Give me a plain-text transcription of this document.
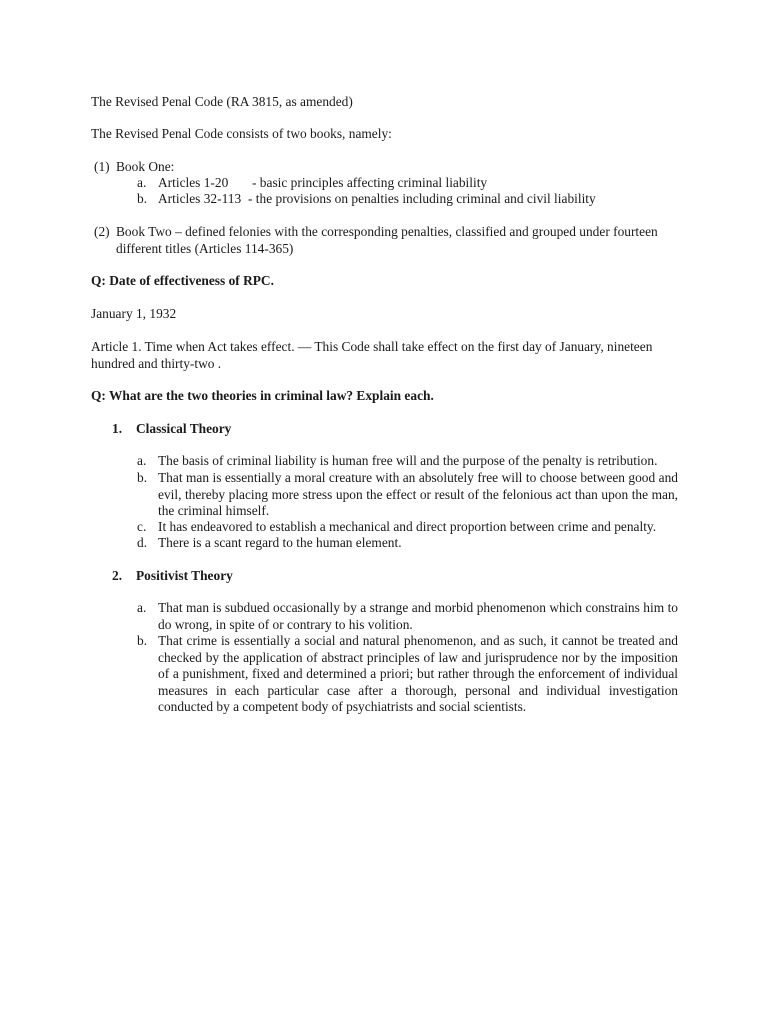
The Revised Penal Code (RA 3815, as amended)
The Revised Penal Code consists of two books, namely:
(1) Book One:
a. Articles 1-20 - basic principles affecting criminal liability
b. Articles 32-113 - the provisions on penalties including criminal and civil liability
(2) Book Two – defined felonies with the corresponding penalties, classified and grouped under fourteen different titles (Articles 114-365)
Q: Date of effectiveness of RPC.
January 1, 1932
Article 1. Time when Act takes effect. — This Code shall take effect on the first day of January, nineteen hundred and thirty-two .
Q: What are the two theories in criminal law? Explain each.
1. Classical Theory
a. The basis of criminal liability is human free will and the purpose of the penalty is retribution.
b. That man is essentially a moral creature with an absolutely free will to choose between good and evil, thereby placing more stress upon the effect or result of the felonious act than upon the man, the criminal himself.
c. It has endeavored to establish a mechanical and direct proportion between crime and penalty.
d. There is a scant regard to the human element.
2. Positivist Theory
a. That man is subdued occasionally by a strange and morbid phenomenon which constrains him to do wrong, in spite of or contrary to his volition.
b. That crime is essentially a social and natural phenomenon, and as such, it cannot be treated and checked by the application of abstract principles of law and jurisprudence nor by the imposition of a punishment, fixed and determined a priori; but rather through the enforcement of individual measures in each particular case after a thorough, personal and individual investigation conducted by a competent body of psychiatrists and social scientists.
